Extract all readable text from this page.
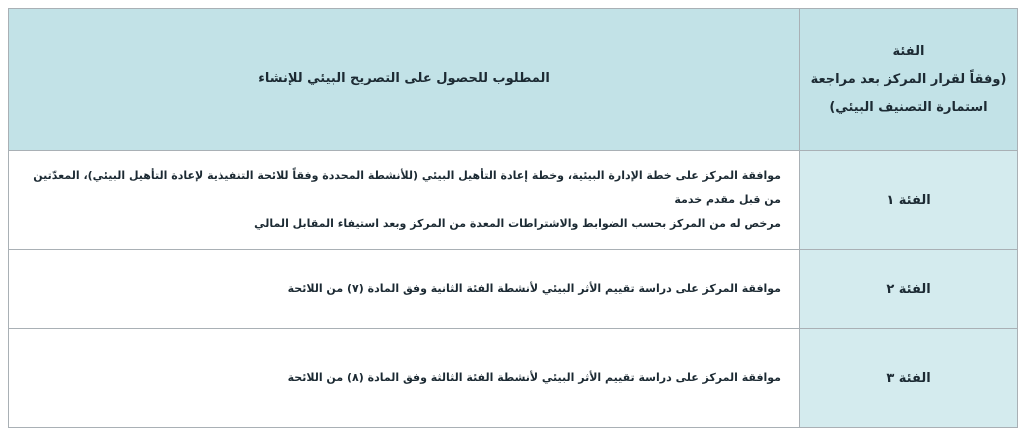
الفئة
(وفقاً لقرار المركز بعد مراجعة
استمارة التصنيف البيئي)	المطلوب للحصول على التصريح البيئي للإنشاء
الفئة ١	موافقة المركز على خطة الإدارة البيئية، وخطة إعادة التأهيل البيئي (للأنشطة المحددة وفقاً للائحة التنفيذية لإعادة التأهيل البيئي)، المعدّتين من قبل مقدم خدمة
مرخص له من المركز بحسب الضوابط والاشتراطات المعدة من المركز وبعد استيفاء المقابل المالي

الفئة ٢	موافقة المركز على دراسة تقييم الأثر البيئي لأنشطة الفئة الثانية وفق المادة (٧) من اللائحة

الفئة ٣	موافقة المركز على دراسة تقييم الأثر البيئي لأنشطة الفئة الثالثة وفق المادة (٨) من اللائحة
